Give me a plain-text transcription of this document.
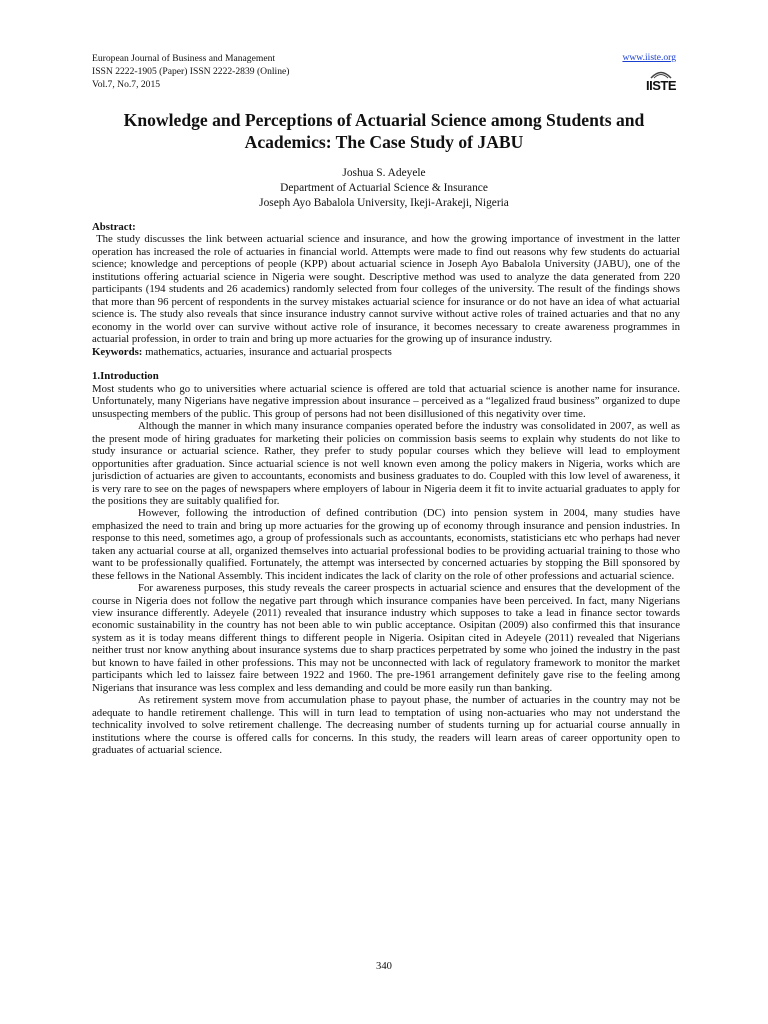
European Journal of Business and Management
ISSN 2222-1905 (Paper) ISSN 2222-2839 (Online)
Vol.7, No.7, 2015
www.iiste.org
IISTE
Knowledge and Perceptions of Actuarial Science among Students and Academics: The Case Study of JABU
Joshua S. Adeyele
Department of Actuarial Science & Insurance
Joseph Ayo Babalola University, Ikeji-Arakeji, Nigeria

Abstract:

The study discusses the link between actuarial science and insurance, and how the growing importance of investment in the latter operation has increased the role of actuaries in financial world. Attempts were made to find out reasons why few students do actuarial science; knowledge and perceptions of people (KPP) about actuarial science in Joseph Ayo Babalola University (JABU), one of the institutions offering actuarial science in Nigeria were sought. Descriptive method was used to analyze the data generated from 220 participants (194 students and 26 academics) randomly selected from four colleges of the university. The result of the findings shows that more than 96 percent of respondents in the survey mistakes actuarial science for insurance or do not have an idea of what actuarial science is. The study also reveals that since insurance industry cannot survive without active roles of trained actuaries and that no any economy in the world over can survive without active role of insurance, it becomes necessary to create awareness programmes in actuarial profession, in order to train and bring up more actuaries for the growing up of insurance industry.

Keywords: mathematics, actuaries, insurance and actuarial prospects

1.Introduction

Most students who go to universities where actuarial science is offered are told that actuarial science is another name for insurance. Unfortunately, many Nigerians have negative impression about insurance – perceived as a “legalized fraud business” organized to dupe unsuspecting members of the public. This group of persons had not been disillusioned of this negativity over time.

Although the manner in which many insurance companies operated before the industry was consolidated in 2007, as well as the present mode of hiring graduates for marketing their policies on commission basis seems to explain why students do not like to study insurance or actuarial science. Rather, they prefer to study popular courses which they believe will lead to employment opportunities after graduation. Since actuarial science is not well known even among the policy makers in Nigeria, works which are jurisdiction of actuaries are given to accountants, economists and business graduates to do. Coupled with this low level of awareness, it is very rare to see on the pages of newspapers where employers of labour in Nigeria deem it fit to invite actuarial graduates to apply for the positions they are suitably qualified for.

However, following the introduction of defined contribution (DC) into pension system in 2004, many studies have emphasized the need to train and bring up more actuaries for the growing up of economy through insurance and pension industries. In response to this need, sometimes ago, a group of professionals such as accountants, economists, statisticians etc who perhaps had never taken any actuarial course at all, organized themselves into actuarial professional bodies to be providing actuarial training to those who want to be professionally qualified. Fortunately, the attempt was intersected by concerned actuaries by stopping the Bill sponsored by these fellows in the National Assembly. This incident indicates the lack of clarity on the role of other professions and actuarial science.

For awareness purposes, this study reveals the career prospects in actuarial science and ensures that the development of the course in Nigeria does not follow the negative part through which insurance companies have been perceived. In fact, many Nigerians view insurance differently. Adeyele (2011) revealed that insurance industry which supposes to take a lead in finance sector towards economic sustainability in the country has not been able to win public acceptance. Osipitan (2009) also confirmed this that insurance system as it is today means different things to different people in Nigeria. Osipitan cited in Adeyele (2011) revealed that Nigerians neither trust nor know anything about insurance systems due to sharp practices perpetrated by some who joined the industry in the past but known to have failed in other professions. This may not be unconnected with lack of regulatory framework to monitor the market participants which led to laissez faire between 1922 and 1960. The pre-1961 arrangement definitely gave rise to the feeling among Nigerians that insurance was less complex and less demanding and could be more easily run than banking.

As retirement system move from accumulation phase to payout phase, the number of actuaries in the country may not be adequate to handle retirement challenge. This will in turn lead to temptation of using non-actuaries who may not understand the technicality involved to solve retirement challenge. The decreasing number of students turning up for actuarial course annually in institutions where the course is offered calls for concerns. In this study, the readers will learn areas of career opportunity open to graduates of actuarial science.

340
